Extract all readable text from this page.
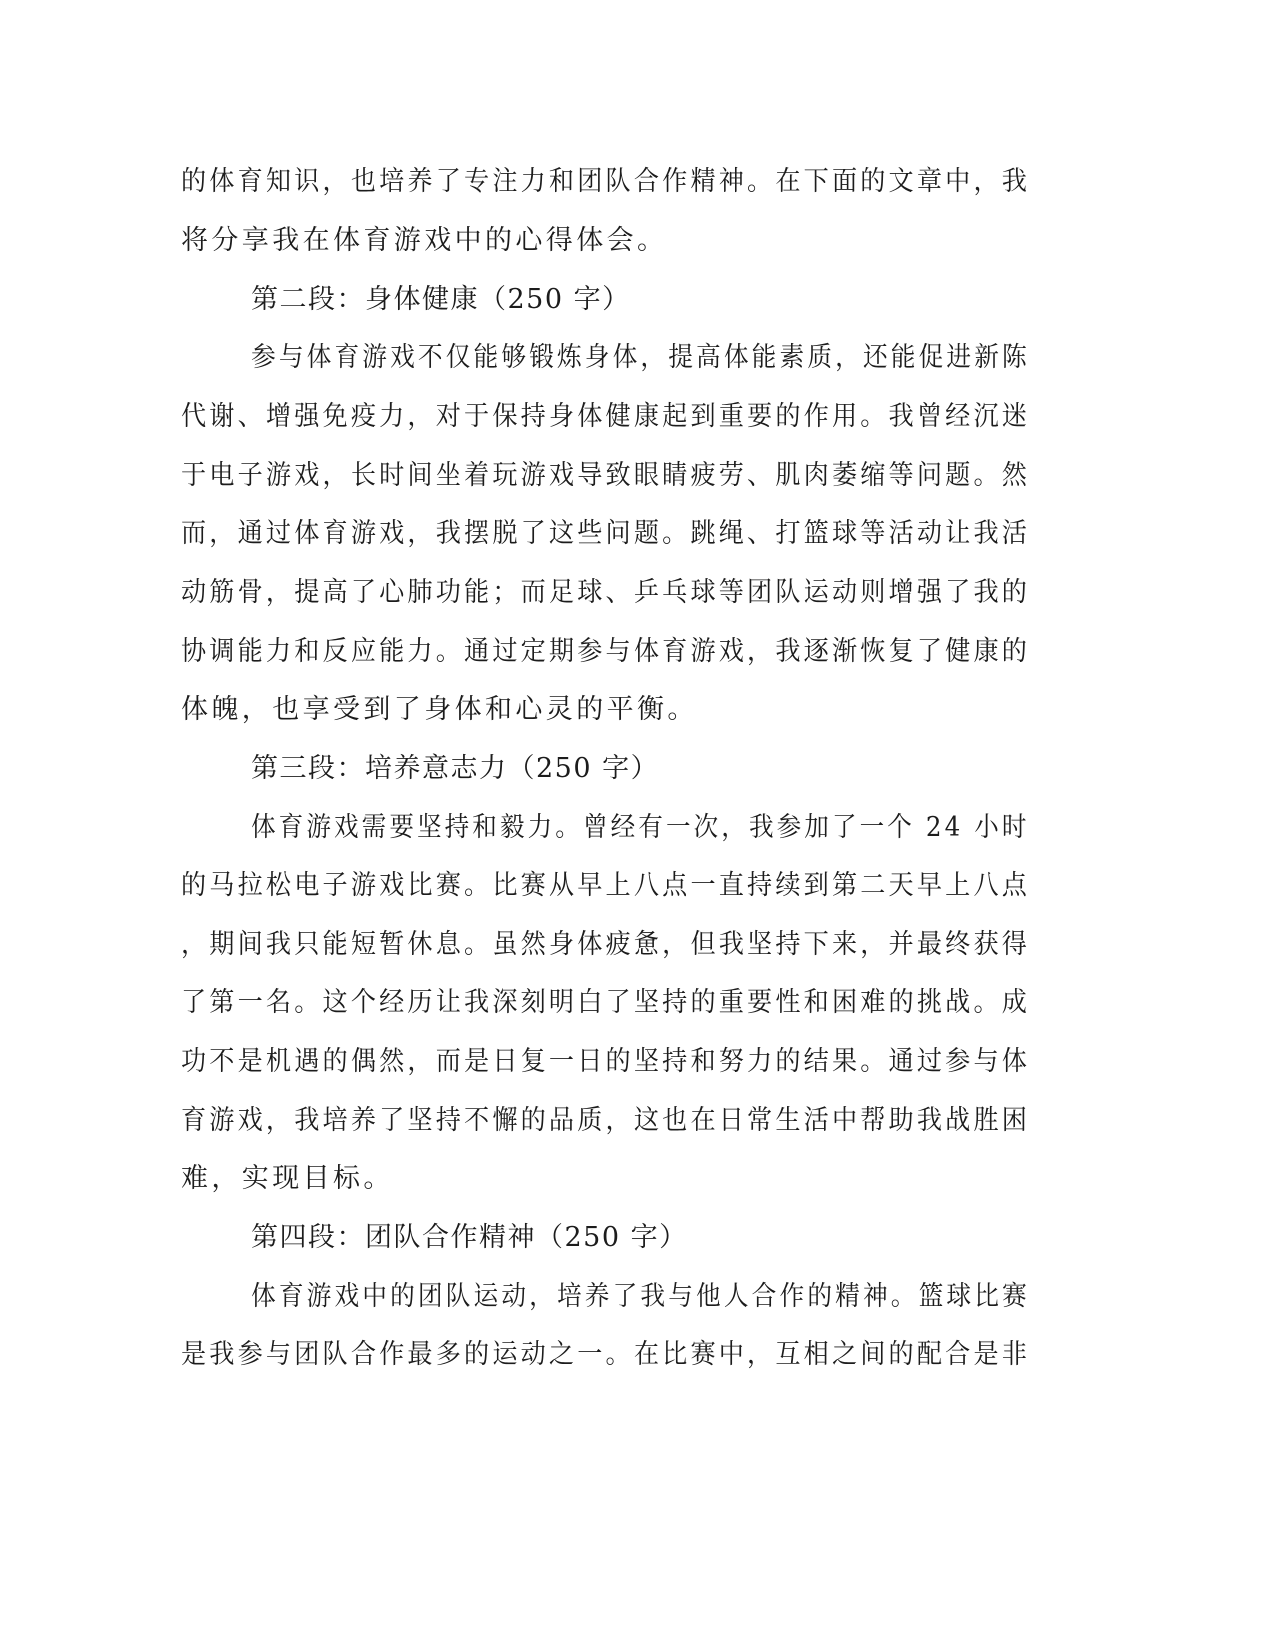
的体育知识，也培养了专注力和团队合作精神。在下面的文章中，我
将分享我在体育游戏中的心得体会。
第二段：身体健康（250 字）
参与体育游戏不仅能够锻炼身体，提高体能素质，还能促进新陈
代谢、增强免疫力，对于保持身体健康起到重要的作用。我曾经沉迷
于电子游戏，长时间坐着玩游戏导致眼睛疲劳、肌肉萎缩等问题。然
而，通过体育游戏，我摆脱了这些问题。跳绳、打篮球等活动让我活
动筋骨，提高了心肺功能；而足球、乒乓球等团队运动则增强了我的
协调能力和反应能力。通过定期参与体育游戏，我逐渐恢复了健康的
体魄，也享受到了身体和心灵的平衡。
第三段：培养意志力（250 字）
体育游戏需要坚持和毅力。曾经有一次，我参加了一个 24 小时
的马拉松电子游戏比赛。比赛从早上八点一直持续到第二天早上八点
，期间我只能短暂休息。虽然身体疲惫，但我坚持下来，并最终获得
了第一名。这个经历让我深刻明白了坚持的重要性和困难的挑战。成
功不是机遇的偶然，而是日复一日的坚持和努力的结果。通过参与体
育游戏，我培养了坚持不懈的品质，这也在日常生活中帮助我战胜困
难，实现目标。
第四段：团队合作精神（250 字）
体育游戏中的团队运动，培养了我与他人合作的精神。篮球比赛
是我参与团队合作最多的运动之一。在比赛中，互相之间的配合是非
